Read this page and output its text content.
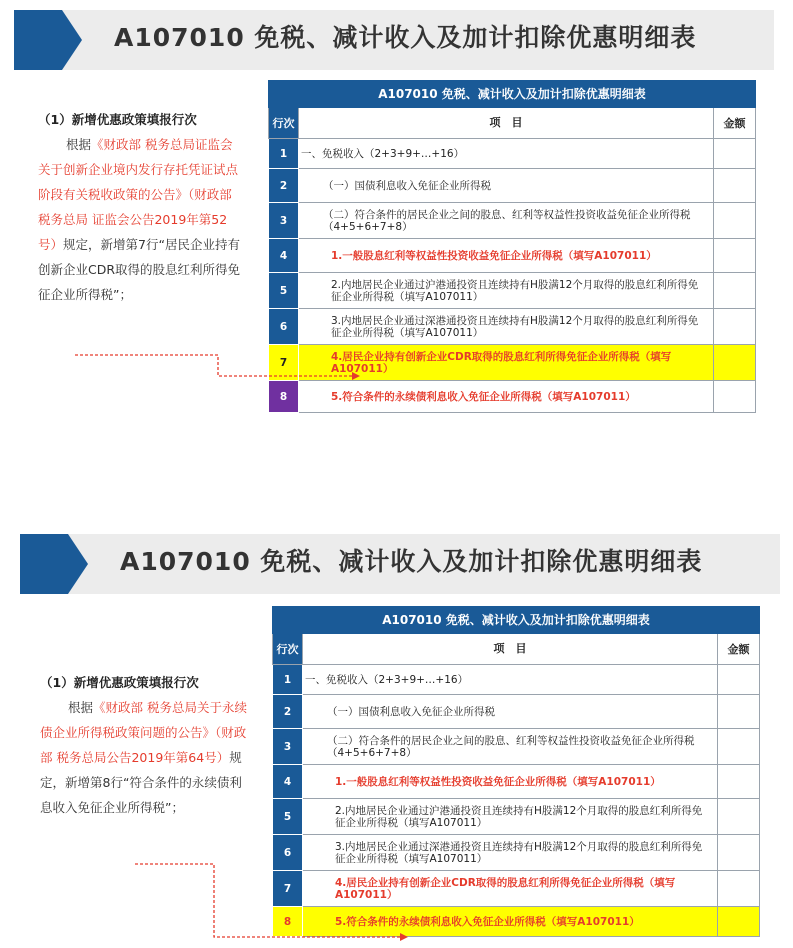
A107010 免税、减计收入及加计扣除优惠明细表
（1）新增优惠政策填报行次
根据《财政部 税务总局证监会关于创新企业境内发行存托凭证试点阶段有关税收政策的公告》（财政部 税务总局 证监会公告2019年第52号）规定，新增第7行“居民企业持有创新企业CDR取得的股息红利所得免征企业所得税”；
A107010 免税、减计收入及加计扣除优惠明细表		
行次	项　目	金额
1	一、免税收入（2+3+9+…+16）	
2	（一）国债利息收入免征企业所得税	
3	（二）符合条件的居民企业之间的股息、红利等权益性投资收益免征企业所得税（4+5+6+7+8）	
4	1.一般股息红利等权益性投资收益免征企业所得税（填写A107011）	
5	2.内地居民企业通过沪港通投资且连续持有H股满12个月取得的股息红利所得免征企业所得税（填写A107011）	
6	3.内地居民企业通过深港通投资且连续持有H股满12个月取得的股息红利所得免征企业所得税（填写A107011）	
7	4.居民企业持有创新企业CDR取得的股息红利所得免征企业所得税（填写A107011）	
8	5.符合条件的永续债利息收入免征企业所得税（填写A107011）	
A107010 免税、减计收入及加计扣除优惠明细表
（1）新增优惠政策填报行次
根据《财政部 税务总局关于永续债企业所得税政策问题的公告》（财政部 税务总局公告2019年第64号）规定，新增第8行“符合条件的永续债利息收入免征企业所得税”；
A107010 免税、减计收入及加计扣除优惠明细表		
行次	项　目	金额
1	一、免税收入（2+3+9+…+16）	
2	（一）国债利息收入免征企业所得税	
3	（二）符合条件的居民企业之间的股息、红利等权益性投资收益免征企业所得税（4+5+6+7+8）	
4	1.一般股息红利等权益性投资收益免征企业所得税（填写A107011）	
5	2.内地居民企业通过沪港通投资且连续持有H股满12个月取得的股息红利所得免征企业所得税（填写A107011）	
6	3.内地居民企业通过深港通投资且连续持有H股满12个月取得的股息红利所得免征企业所得税（填写A107011）	
7	4.居民企业持有创新企业CDR取得的股息红利所得免征企业所得税（填写A107011）	
8	5.符合条件的永续债利息收入免征企业所得税（填写A107011）	
